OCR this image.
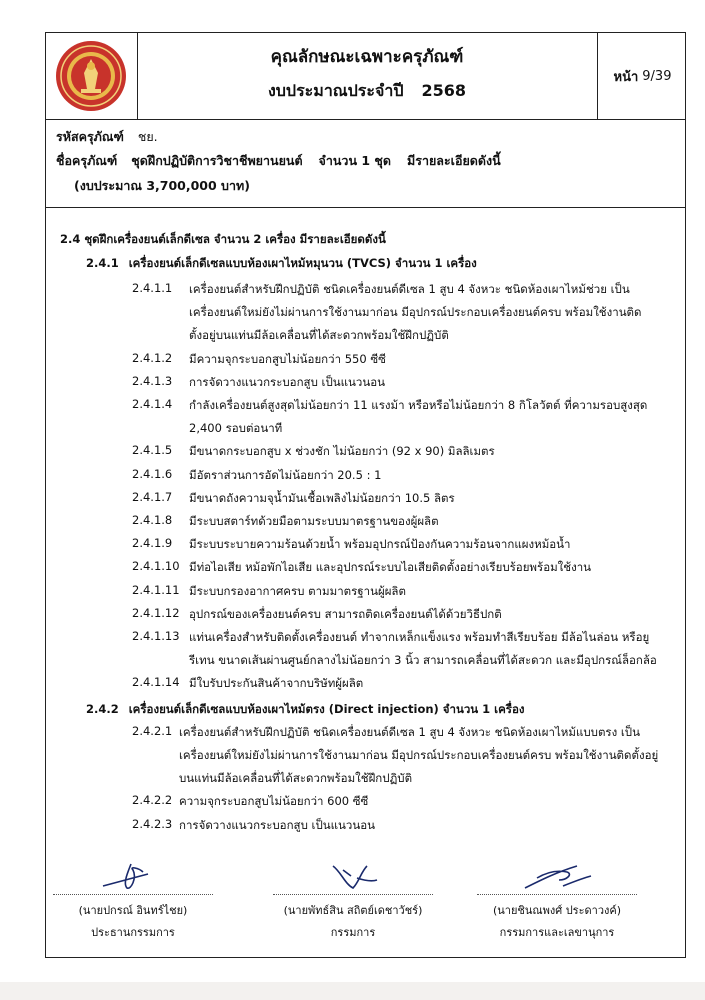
คุณลักษณะเฉพาะครุภัณฑ์
งบประมาณประจำปี 2568
หน้า 9/39
รหัสครุภัณฑ์ ชย.
ชื่อครุภัณฑ์ ชุดฝึกปฏิบัติการวิชาชีพยานยนต์ จำนวน 1 ชุด มีรายละเอียดดังนี้
(งบประมาณ 3,700,000 บาท)
2.4 ชุดฝึกเครื่องยนต์เล็กดีเซล จำนวน 2 เครื่อง มีรายละเอียดดังนี้
2.4.1 เครื่องยนต์เล็กดีเซลแบบห้องเผาไหม้หมุนวน (TVCS) จำนวน 1 เครื่อง
2.4.1.1 เครื่องยนต์สำหรับฝึกปฏิบัติ ชนิดเครื่องยนต์ดีเซล 1 สูบ 4 จังหวะ ชนิดห้องเผาไหม้ช่วย เป็น
เครื่องยนต์ใหม่ยังไม่ผ่านการใช้งานมาก่อน มีอุปกรณ์ประกอบเครื่องยนต์ครบ พร้อมใช้งานติด
ตั้งอยู่บนแท่นมีล้อเคลื่อนที่ได้สะดวกพร้อมใช้ฝึกปฏิบัติ
2.4.1.2 มีความจุกระบอกสูบไม่น้อยกว่า 550 ซีซี
2.4.1.3 การจัดวางแนวกระบอกสูบ เป็นแนวนอน
2.4.1.4 กำลังเครื่องยนต์สูงสุดไม่น้อยกว่า 11 แรงม้า หรือหรือไม่น้อยกว่า 8 กิโลวัตต์ ที่ความรอบสูงสุด
2,400 รอบต่อนาที
2.4.1.5 มีขนาดกระบอกสูบ x ช่วงชัก ไม่น้อยกว่า (92 x 90) มิลลิเมตร
2.4.1.6 มีอัตราส่วนการอัดไม่น้อยกว่า 20.5 : 1
2.4.1.7 มีขนาดถังความจุน้ำมันเชื้อเพลิงไม่น้อยกว่า 10.5 ลิตร
2.4.1.8 มีระบบสตาร์ทด้วยมือตามระบบมาตรฐานของผู้ผลิต
2.4.1.9 มีระบบระบายความร้อนด้วยน้ำ พร้อมอุปกรณ์ป้องกันความร้อนจากแผงหม้อน้ำ
2.4.1.10 มีท่อไอเสีย หม้อพักไอเสีย และอุปกรณ์ระบบไอเสียติดตั้งอย่างเรียบร้อยพร้อมใช้งาน
2.4.1.11 มีระบบกรองอากาศครบ ตามมาตรฐานผู้ผลิต
2.4.1.12 อุปกรณ์ของเครื่องยนต์ครบ สามารถติดเครื่องยนต์ได้ด้วยวิธีปกติ
2.4.1.13 แท่นเครื่องสำหรับติดตั้งเครื่องยนต์ ทำจากเหล็กแข็งแรง พร้อมทำสีเรียบร้อย มีล้อไนล่อน หรือยู
รีเทน ขนาดเส้นผ่านศูนย์กลางไม่น้อยกว่า 3 นิ้ว สามารถเคลื่อนที่ได้สะดวก และมีอุปกรณ์ล็อกล้อ
2.4.1.14 มีใบรับประกันสินค้าจากบริษัทผู้ผลิต
2.4.2 เครื่องยนต์เล็กดีเซลแบบห้องเผาไหม้ตรง (Direct injection) จำนวน 1 เครื่อง
2.4.2.1 เครื่องยนต์สำหรับฝึกปฏิบัติ ชนิดเครื่องยนต์ดีเซล 1 สูบ 4 จังหวะ ชนิดห้องเผาไหม้แบบตรง เป็น
เครื่องยนต์ใหม่ยังไม่ผ่านการใช้งานมาก่อน มีอุปกรณ์ประกอบเครื่องยนต์ครบ พร้อมใช้งานติดตั้งอยู่
บนแท่นมีล้อเคลื่อนที่ได้สะดวกพร้อมใช้ฝึกปฏิบัติ
2.4.2.2 ความจุกระบอกสูบไม่น้อยกว่า 600 ซีซี
2.4.2.3 การจัดวางแนวกระบอกสูบ เป็นแนวนอน
(นายปกรณ์ อินทร์ไชย)
ประธานกรรมการ
(นายพัทธ์สิน สถิตย์เดชาวัชร์)
กรรมการ
(นายชินณพงศ์ ประดาวงค์)
กรรมการและเลขานุการ
